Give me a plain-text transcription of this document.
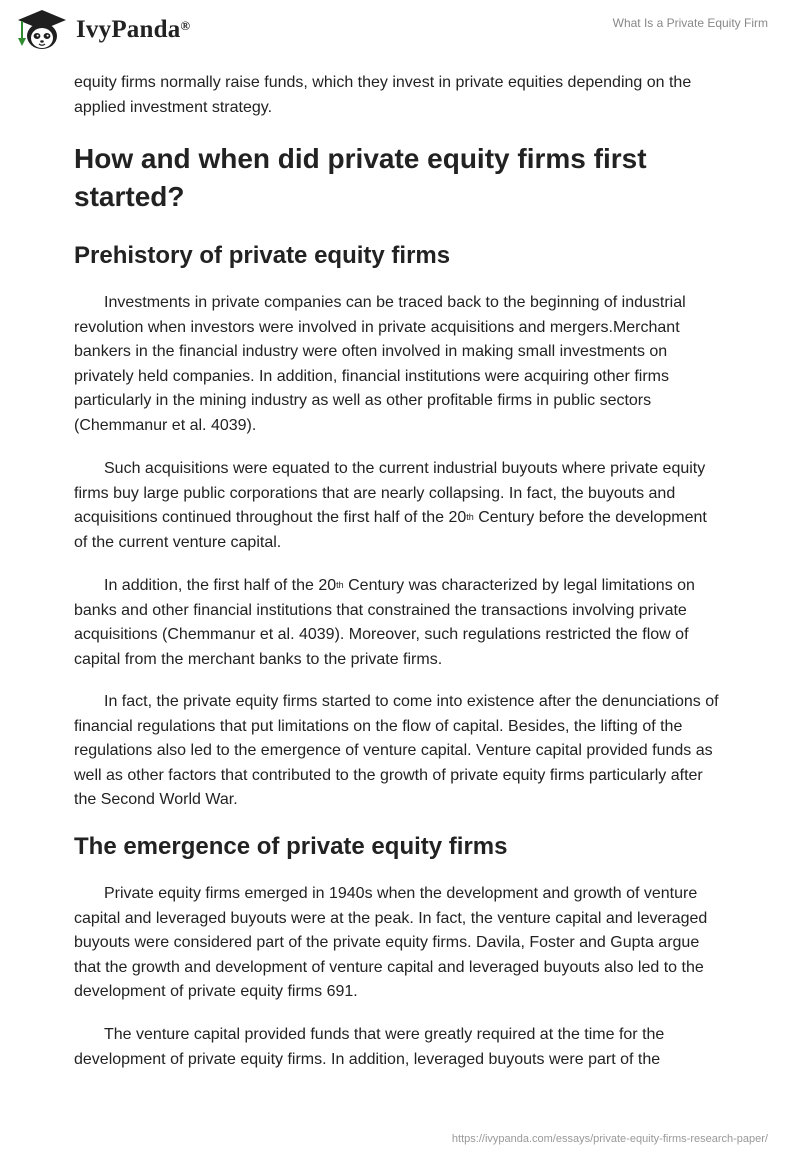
IvyPanda®	What Is a Private Equity Firm

equity firms normally raise funds, which they invest in private equities depending on the applied investment strategy.

How and when did private equity firms first started?
Prehistory of private equity firms

Investments in private companies can be traced back to the beginning of industrial revolution when investors were involved in private acquisitions and mergers.Merchant bankers in the financial industry were often involved in making small investments on privately held companies. In addition, financial institutions were acquiring other firms particularly in the mining industry as well as other profitable firms in public sectors (Chemmanur et al. 4039).

Such acquisitions were equated to the current industrial buyouts where private equity firms buy large public corporations that are nearly collapsing. In fact, the buyouts and acquisitions continued throughout the first half of the 20th Century before the development of the current venture capital.

In addition, the first half of the 20th Century was characterized by legal limitations on banks and other financial institutions that constrained the transactions involving private acquisitions (Chemmanur et al. 4039). Moreover, such regulations restricted the flow of capital from the merchant banks to the private firms.

In fact, the private equity firms started to come into existence after the denunciations of financial regulations that put limitations on the flow of capital. Besides, the lifting of the regulations also led to the emergence of venture capital. Venture capital provided funds as well as other factors that contributed to the growth of private equity firms particularly after the Second World War.

The emergence of private equity firms

Private equity firms emerged in 1940s when the development and growth of venture capital and leveraged buyouts were at the peak. In fact, the venture capital and leveraged buyouts were considered part of the private equity firms. Davila, Foster and Gupta argue that the growth and development of venture capital and leveraged buyouts also led to the development of private equity firms 691.

The venture capital provided funds that were greatly required at the time for the development of private equity firms. In addition, leveraged buyouts were part of the

https://ivypanda.com/essays/private-equity-firms-research-paper/
